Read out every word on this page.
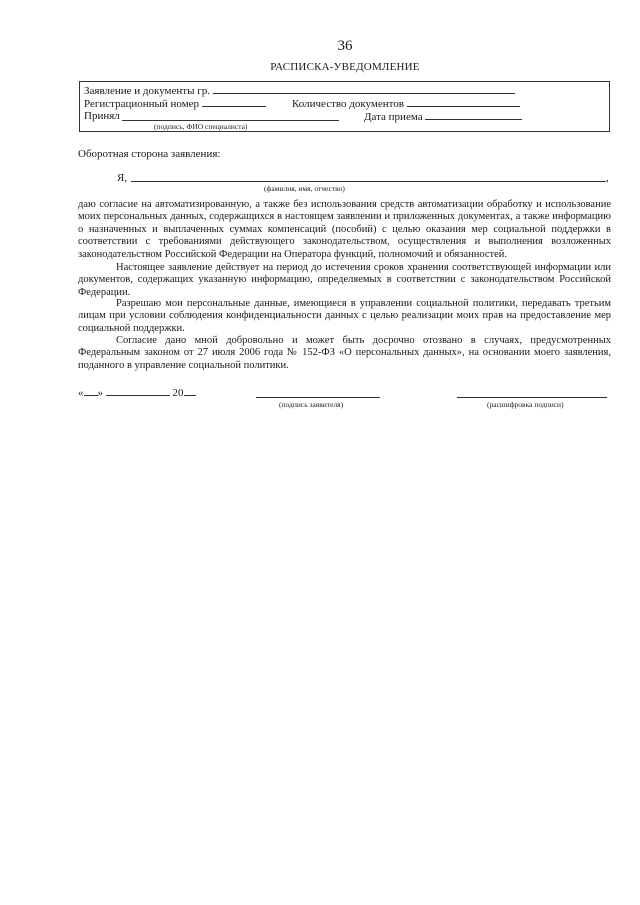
36
РАСПИСКА-УВЕДОМЛЕНИЕ
Заявление и документы гр.
Регистрационный номер	Количество документов
Принял	Дата приема
(подпись, ФИО специалиста)
Оборотная сторона заявления:
Я,	,
(фамилия, имя, отчество)
даю согласие на автоматизированную, а также без использования средств автоматизации обработку и использование моих персональных данных, содержащихся в настоящем заявлении и приложенных документах, а также информацию о назначенных и выплаченных суммах компенсаций (пособий) с целью оказания мер социальной поддержки в соответствии с требованиями действующего законодательством, осуществления и выполнения возложенных законодательством Российской Федерации на Оператора функций, полномочий и обязанностей.
Настоящее заявление действует на период до истечения сроков хранения соответствующей информации или документов, содержащих указанную информацию, определяемых в соответствии с законодательством Российской Федерации.
Разрешаю мои персональные данные, имеющиеся в управлении социальной политики, передавать третьим лицам при условии соблюдения конфиденциальности данных с целью реализации моих прав на предоставление мер социальной поддержки.
Согласие дано мной добровольно и может быть досрочно отозвано в случаях, предусмотренных Федеральным законом от 27 июля 2006 года № 152-ФЗ «О персональных данных», на основании моего заявления, поданного в управление социальной политики.
« »	20
(подпись заявителя)	(расшифровка подписи)
